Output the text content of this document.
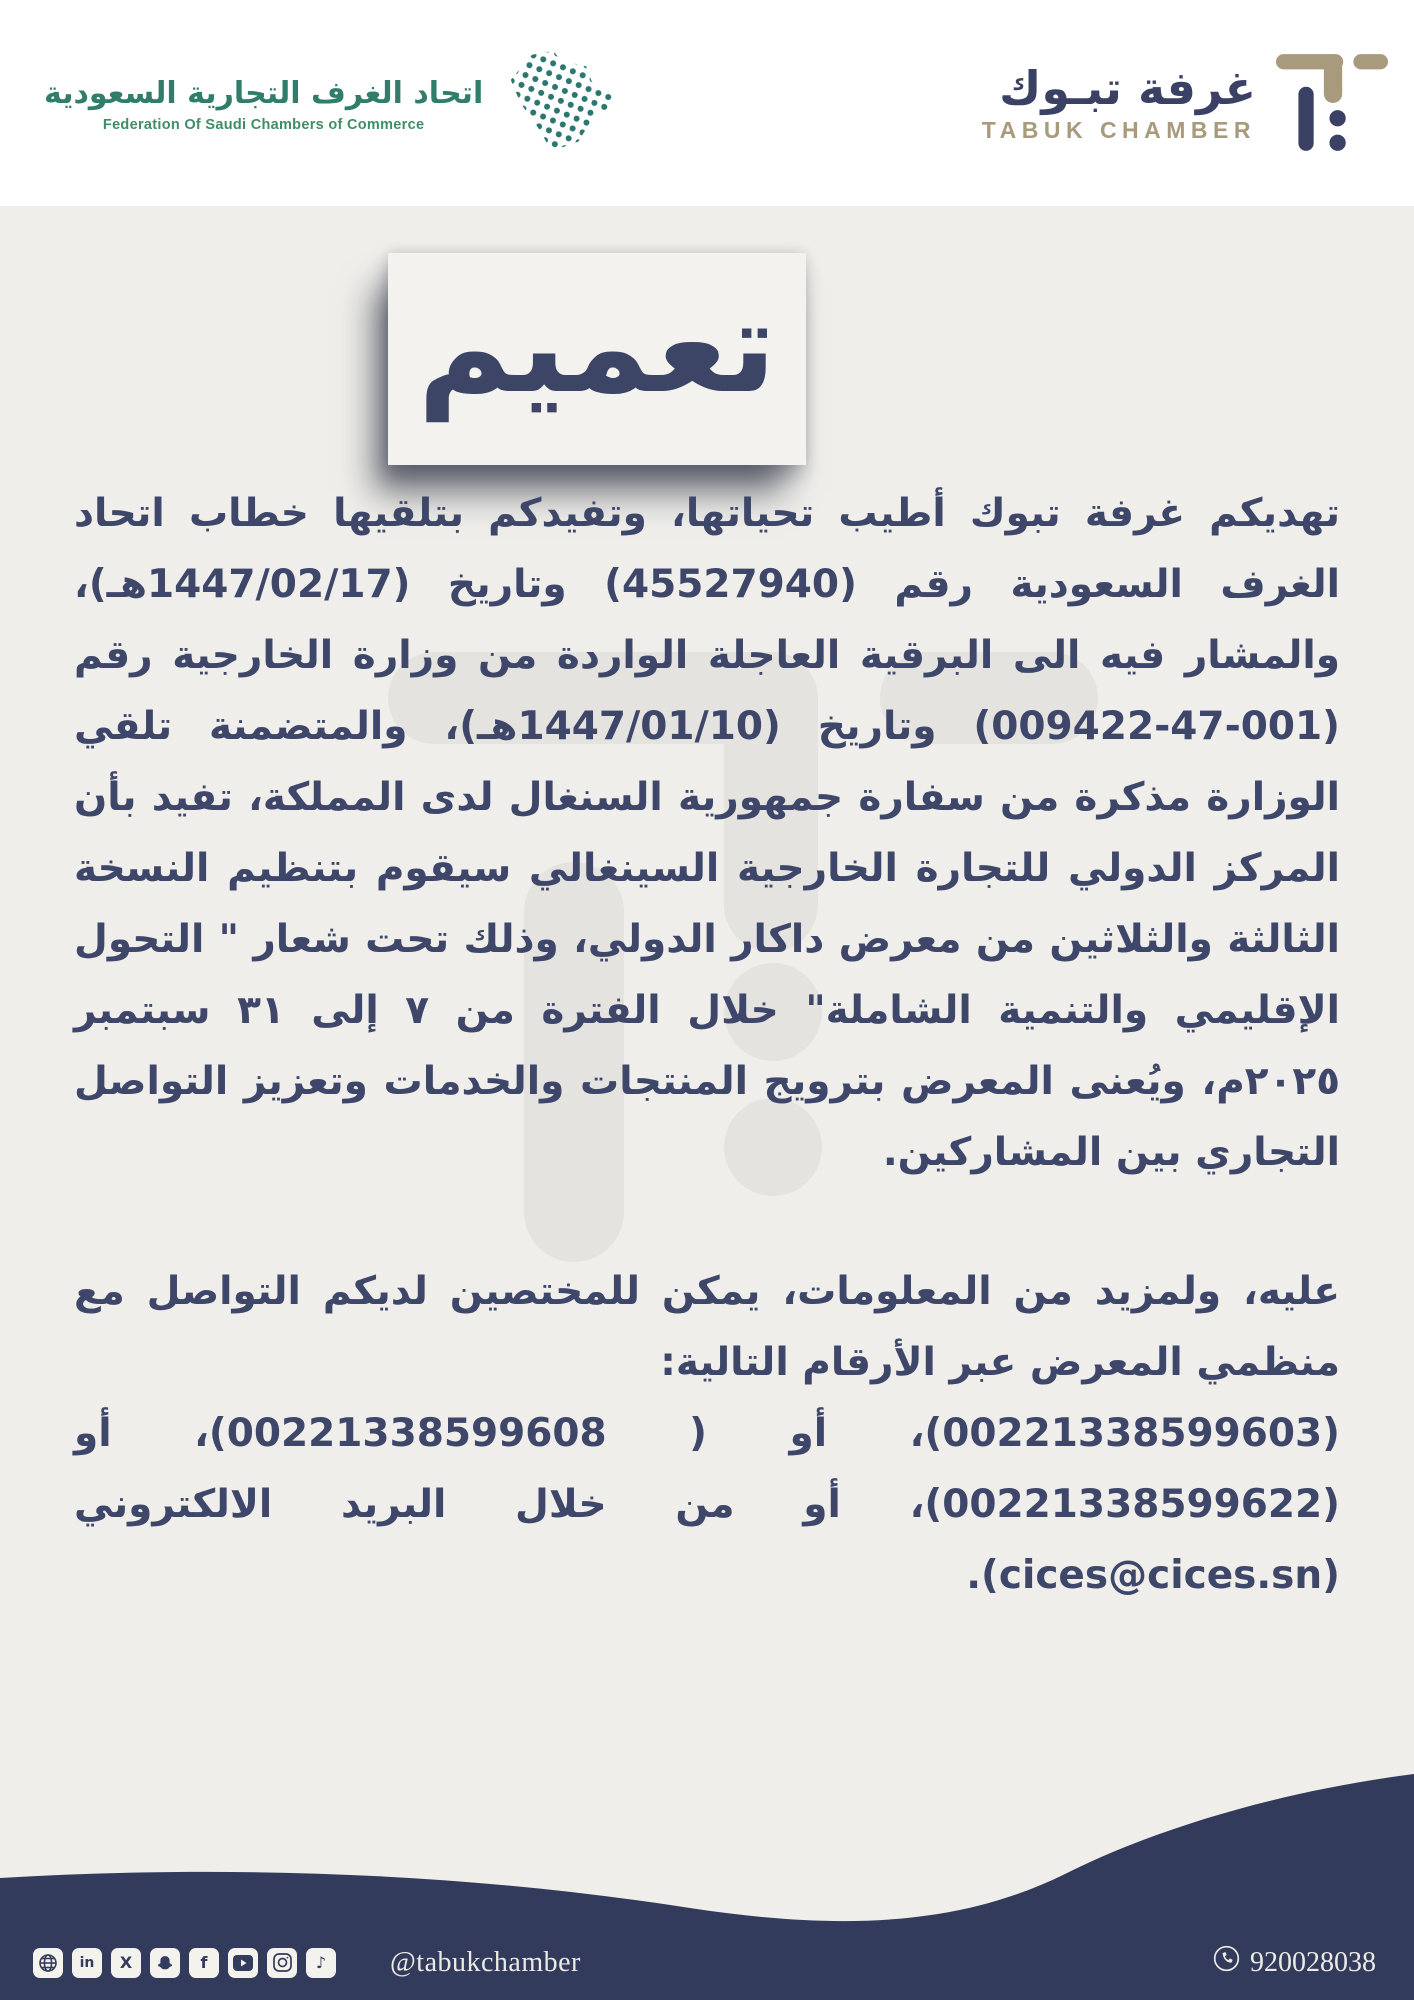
اتحاد الغرف التجارية السعودية
Federation Of Saudi Chambers of Commerce
غرفة تبـوك
TABUK CHAMBER
تعميم

تهديكم غرفة تبوك أطيب تحياتها، وتفيدكم بتلقيها خطاب اتحاد الغرف السعودية رقم (45527940) وتاريخ (1447/02/17هـ)، والمشار فيه الى البرقية العاجلة الواردة من وزارة الخارجية رقم (001-47-009422) وتاريخ (1447/01/10هـ)، والمتضمنة تلقي الوزارة مذكرة من سفارة جمهورية السنغال لدى المملكة، تفيد بأن المركز الدولي للتجارة الخارجية السينغالي سيقوم بتنظيم النسخة الثالثة والثلاثين من معرض داكار الدولي، وذلك تحت شعار " التحول الإقليمي والتنمية الشاملة" خلال الفترة من ٧ إلى ٣١ سبتمبر ٢٠٢٥م، ويُعنى المعرض بترويج المنتجات والخدمات وتعزيز التواصل التجاري بين المشاركين.

عليه، ولمزيد من المعلومات، يمكن للمختصين لديكم التواصل مع منظمي المعرض عبر الأرقام التالية:

(00221338599603)، أو ( 00221338599608)، أو (00221338599622)، أو من خلال البريد الالكتروني (cices@cices.sn).

in X	f	♪ @tabukchamber	920028038
